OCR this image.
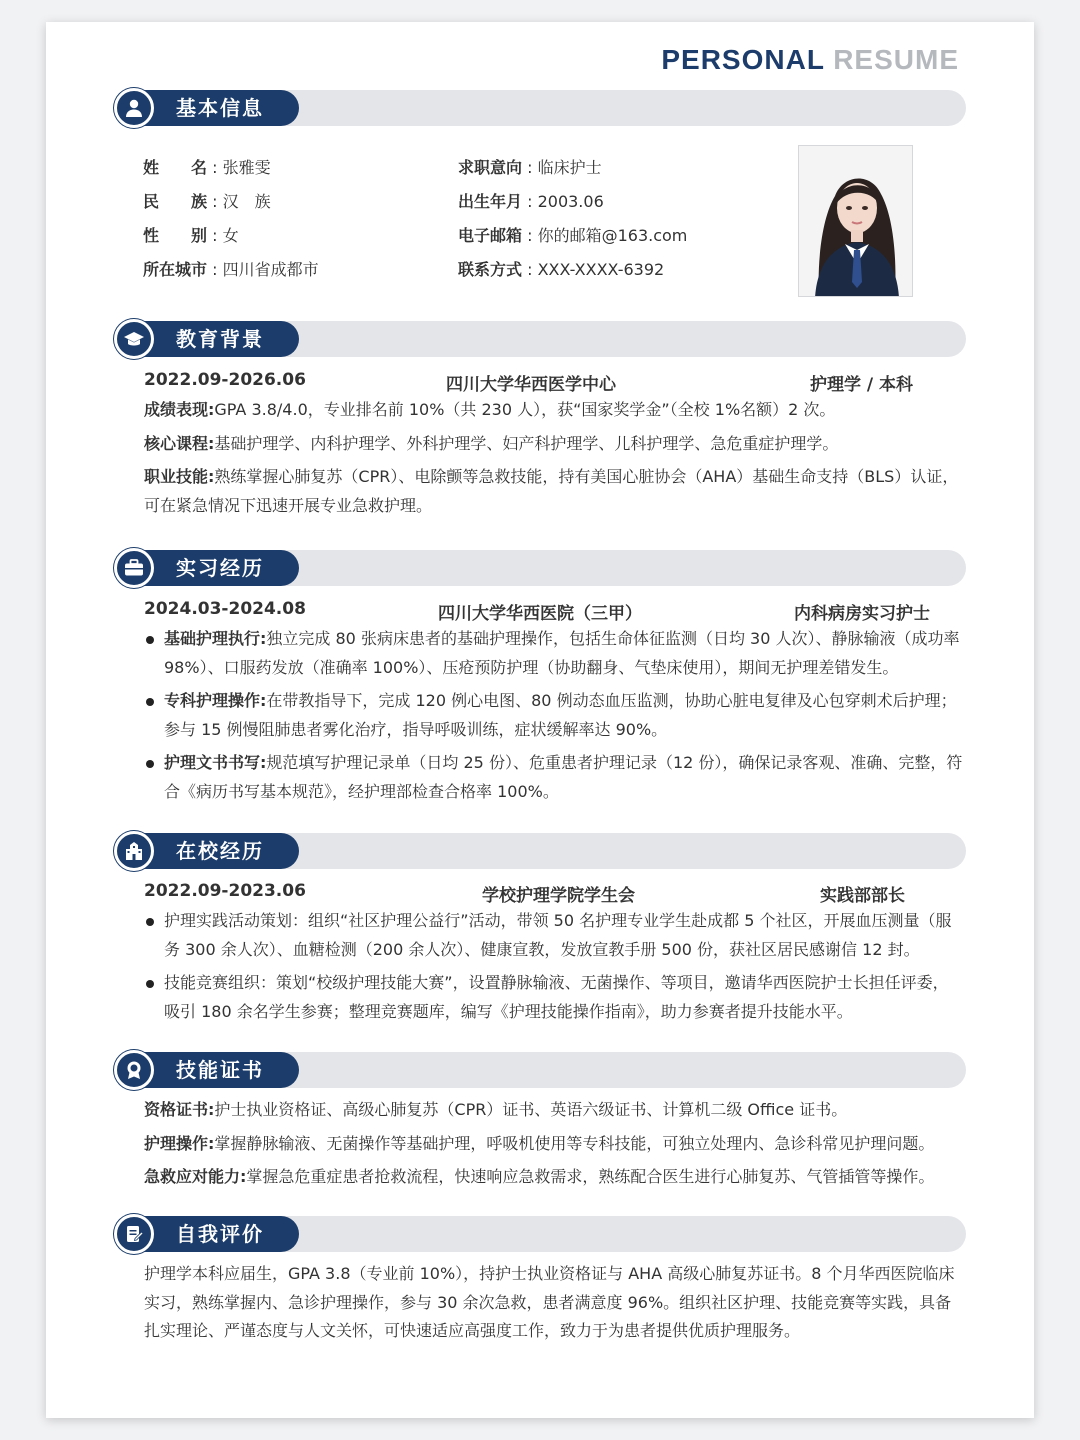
PERSONAL RESUME
基本信息
姓　　名 : 张雅雯
民　　族 : 汉　族
性　　别 : 女
所在城市 : 四川省成都市
求职意向 : 临床护士
出生年月 : 2003.06
电子邮箱 : 你的邮箱@163.com
联系方式 : XXX-XXXX-6392
教育背景
2022.09-2026.06	四川大学华西医学中心	护理学 / 本科
成绩表现:GPA 3.8/4.0，专业排名前 10%（共 230 人），获“国家奖学金”（全校 1%名额）2 次。
核心课程:基础护理学、内科护理学、外科护理学、妇产科护理学、儿科护理学、急危重症护理学。
职业技能:熟练掌握心肺复苏（CPR）、电除颤等急救技能，持有美国心脏协会（AHA）基础生命支持（BLS）认证，可在紧急情况下迅速开展专业急救护理。
实习经历
2024.03-2024.08	四川大学华西医院（三甲）	内科病房实习护士
基础护理执行:独立完成 80 张病床患者的基础护理操作，包括生命体征监测（日均 30 人次）、静脉输液（成功率 98%）、口服药发放（准确率 100%）、压疮预防护理（协助翻身、气垫床使用），期间无护理差错发生。
专科护理操作:在带教指导下，完成 120 例心电图、80 例动态血压监测，协助心脏电复律及心包穿刺术后护理；参与 15 例慢阻肺患者雾化治疗，指导呼吸训练，症状缓解率达 90%。
护理文书书写:规范填写护理记录单（日均 25 份）、危重患者护理记录（12 份），确保记录客观、准确、完整，符合《病历书写基本规范》，经护理部检查合格率 100%。
在校经历
2022.09-2023.06	学校护理学院学生会	实践部部长
护理实践活动策划：组织“社区护理公益行”活动，带领 50 名护理专业学生赴成都 5 个社区，开展血压测量（服务 300 余人次）、血糖检测（200 余人次）、健康宣教，发放宣教手册 500 份，获社区居民感谢信 12 封。
技能竞赛组织：策划“校级护理技能大赛”，设置静脉输液、无菌操作、等项目，邀请华西医院护士长担任评委，吸引 180 余名学生参赛；整理竞赛题库，编写《护理技能操作指南》，助力参赛者提升技能水平。
技能证书
资格证书:护士执业资格证、高级心肺复苏（CPR）证书、英语六级证书、计算机二级 Office 证书。
护理操作:掌握静脉输液、无菌操作等基础护理，呼吸机使用等专科技能，可独立处理内、急诊科常见护理问题。
急救应对能力:掌握急危重症患者抢救流程，快速响应急救需求，熟练配合医生进行心肺复苏、气管插管等操作。
自我评价
护理学本科应届生，GPA 3.8（专业前 10%），持护士执业资格证与 AHA 高级心肺复苏证书。8 个月华西医院临床实习，熟练掌握内、急诊护理操作，参与 30 余次急救，患者满意度 96%。组织社区护理、技能竞赛等实践，具备扎实理论、严谨态度与人文关怀，可快速适应高强度工作，致力于为患者提供优质护理服务。
